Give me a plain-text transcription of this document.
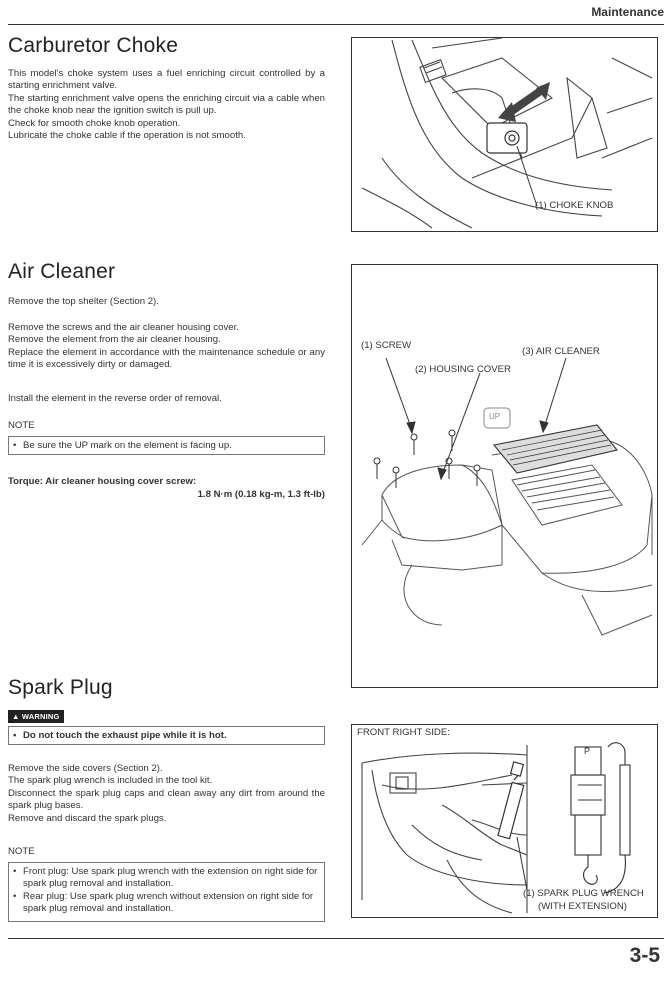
Maintenance
Carburetor Choke

This model's choke system uses a fuel enriching circuit controlled by a starting enrichment valve.

The starting enrichment valve opens the enriching circuit via a cable when the choke knob near the ignition switch is pull up.

Check for smooth choke knob operation.

Lubricate the choke cable if the operation is not smooth.

(1) CHOKE KNOB
Air Cleaner

Remove the top shelter (Section 2).

Remove the screws and the air cleaner housing cover.

Remove the element from the air cleaner housing.

Replace the element in accordance with the maintenance schedule or any time it is excessively dirty or damaged.

Install the element in the reverse order of removal.

NOTE
• Be sure the UP mark on the element is facing up.
Torque: Air cleaner housing cover screw:
1.8 N·m (0.18 kg-m, 1.3 ft-lb)
(1) SCREW
(3) AIR CLEANER
(2) HOUSING COVER
UP
Spark Plug
▲ WARNING
• Do not touch the exhaust pipe while it is hot.

Remove the side covers (Section 2).

The spark plug wrench is included in the tool kit.

Disconnect the spark plug caps and clean away any dirt from around the spark plug bases.

Remove and discard the spark plugs.

NOTE
• Front plug: Use spark plug wrench with the extension on right side for spark plug removal and installation.
• Rear plug: Use spark plug wrench without extension on right side for spark plug removal and installation.
FRONT RIGHT SIDE:
P
(1) SPARK PLUG WRENCH
(WITH EXTENSION)
3-5
